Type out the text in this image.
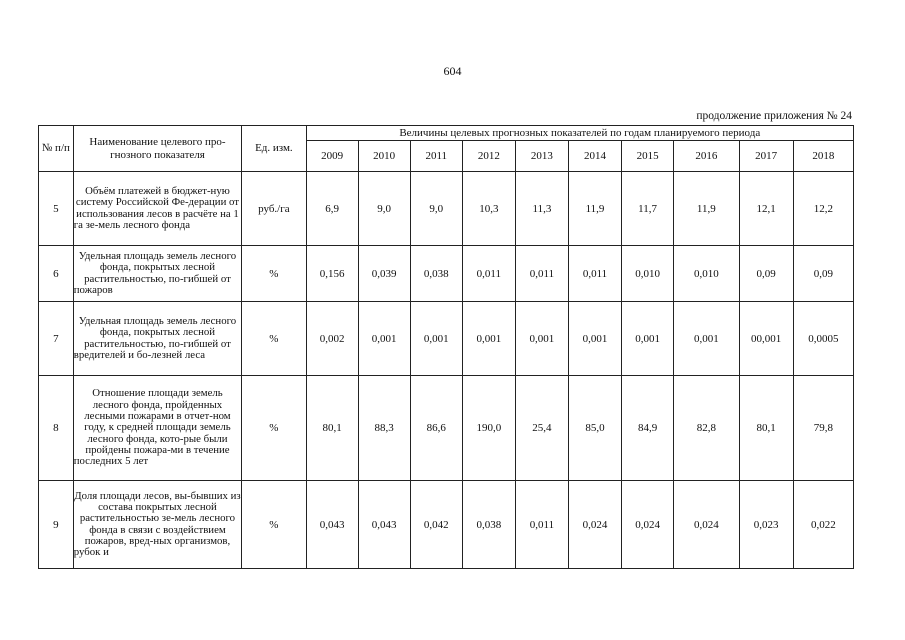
604
продолжение приложения № 24
№ п/п	Наименование целевого про-гнозного показателя	Ед. изм.	Величины целевых прогнозных показателей по годам планируемого периода									
			2009	2010	2011	2012	2013	2014	2015	2016	2017	2018
5	Объём платежей в бюджет-ную систему Российской Фе-дерации от использования лесов в расчёте на 1 га зе-мель лесного фонда	руб./га	6,9	9,0	9,0	10,3	11,3	11,9	11,7	11,9	12,1	12,2
6	Удельная площадь земель лесного фонда, покрытых лесной растительностью, по-гибшей от пожаров	%	0,156	0,039	0,038	0,011	0,011	0,011	0,010	0,010	0,09	0,09
7	Удельная площадь земель лесного фонда, покрытых лесной растительностью, по-гибшей от вредителей и бо-лезней леса	%	0,002	0,001	0,001	0,001	0,001	0,001	0,001	0,001	00,001	0,0005
8	Отношение площади земель лесного фонда, пройденных лесными пожарами в отчет-ном году, к средней площади земель лесного фонда, кото-рые были пройдены пожара-ми в течение последних 5 лет	%	80,1	88,3	86,6	190,0	25,4	85,0	84,9	82,8	80,1	79,8
9	Доля площади лесов, вы-бывших из состава покрытых лесной растительностью зе-мель лесного фонда в связи с воздействием пожаров, вред-ных организмов, рубок и	%	0,043	0,043	0,042	0,038	0,011	0,024	0,024	0,024	0,023	0,022
